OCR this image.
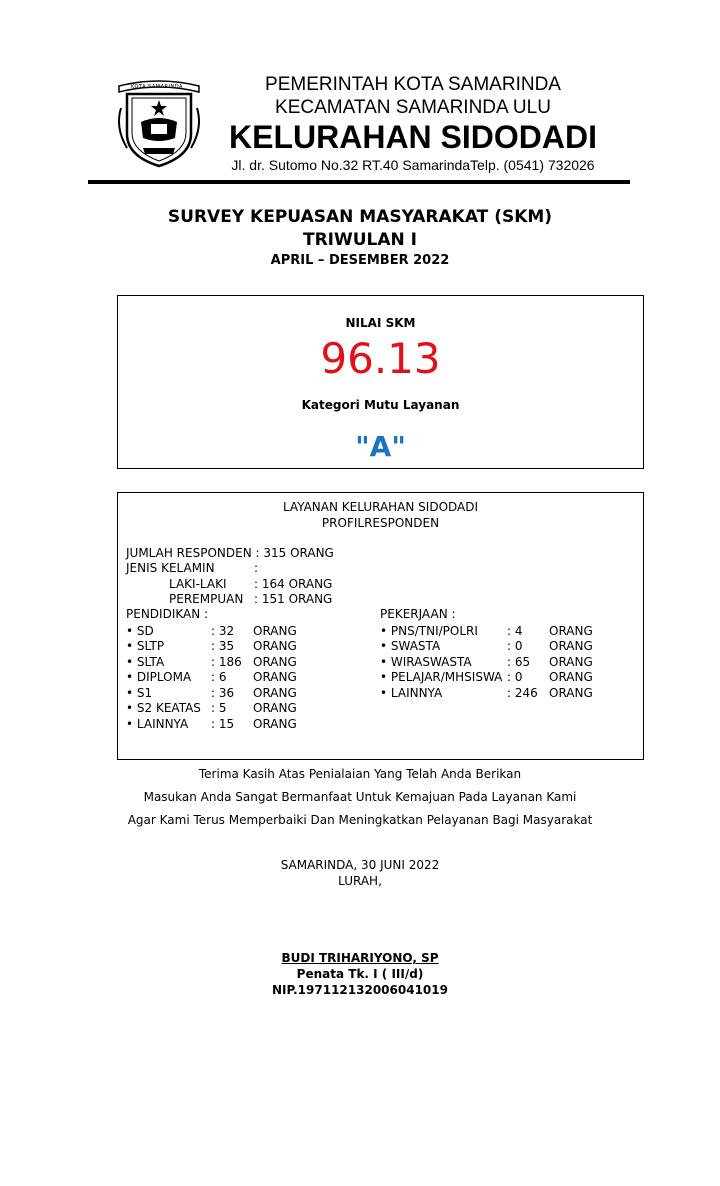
KOTA SAMARINDA	PEMERINTAH KOTA SAMARINDA
KECAMATAN SAMARINDA ULU
KELURAHAN SIDODADI
Jl. dr. Sutomo No.32 RT.40 SamarindaTelp. (0541) 732026
SURVEY KEPUASAN MASYARAKAT (SKM)
TRIWULAN I
APRIL – DESEMBER 2022
NILAI SKM
96.13
Kategori Mutu Layanan
"A"
LAYANAN KELURAHAN SIDODADI
PROFILRESPONDEN
JUMLAH RESPONDEN : 315 ORANG
JENIS KELAMIN	:
LAKI-LAKI : 164 ORANG
PEREMPUAN : 151 ORANG
PENDIDIKAN :	PEKERJAAN :
• SD	: 32 ORANG
• SLTP	: 35 ORANG
• SLTA	: 186 ORANG
• DIPLOMA : 6 ORANG
• S1	: 36 ORANG
• S2 KEATAS : 5 ORANG
• LAINNYA : 15 ORANG
• PNS/TNI/POLRI : 4 ORANG
• SWASTA	: 0 ORANG
• WIRASWASTA	: 65 ORANG
• PELAJAR/MHSISWA : 0 ORANG
• LAINNYA	: 246 ORANG
Terima Kasih Atas Penialaian Yang Telah Anda Berikan
Masukan Anda Sangat Bermanfaat Untuk Kemajuan Pada Layanan Kami
Agar Kami Terus Memperbaiki Dan Meningkatkan Pelayanan Bagi Masyarakat
SAMARINDA, 30 JUNI 2022
LURAH,
BUDI TRIHARIYONO, SP
Penata Tk. I ( III/d)
NIP.197112132006041019
